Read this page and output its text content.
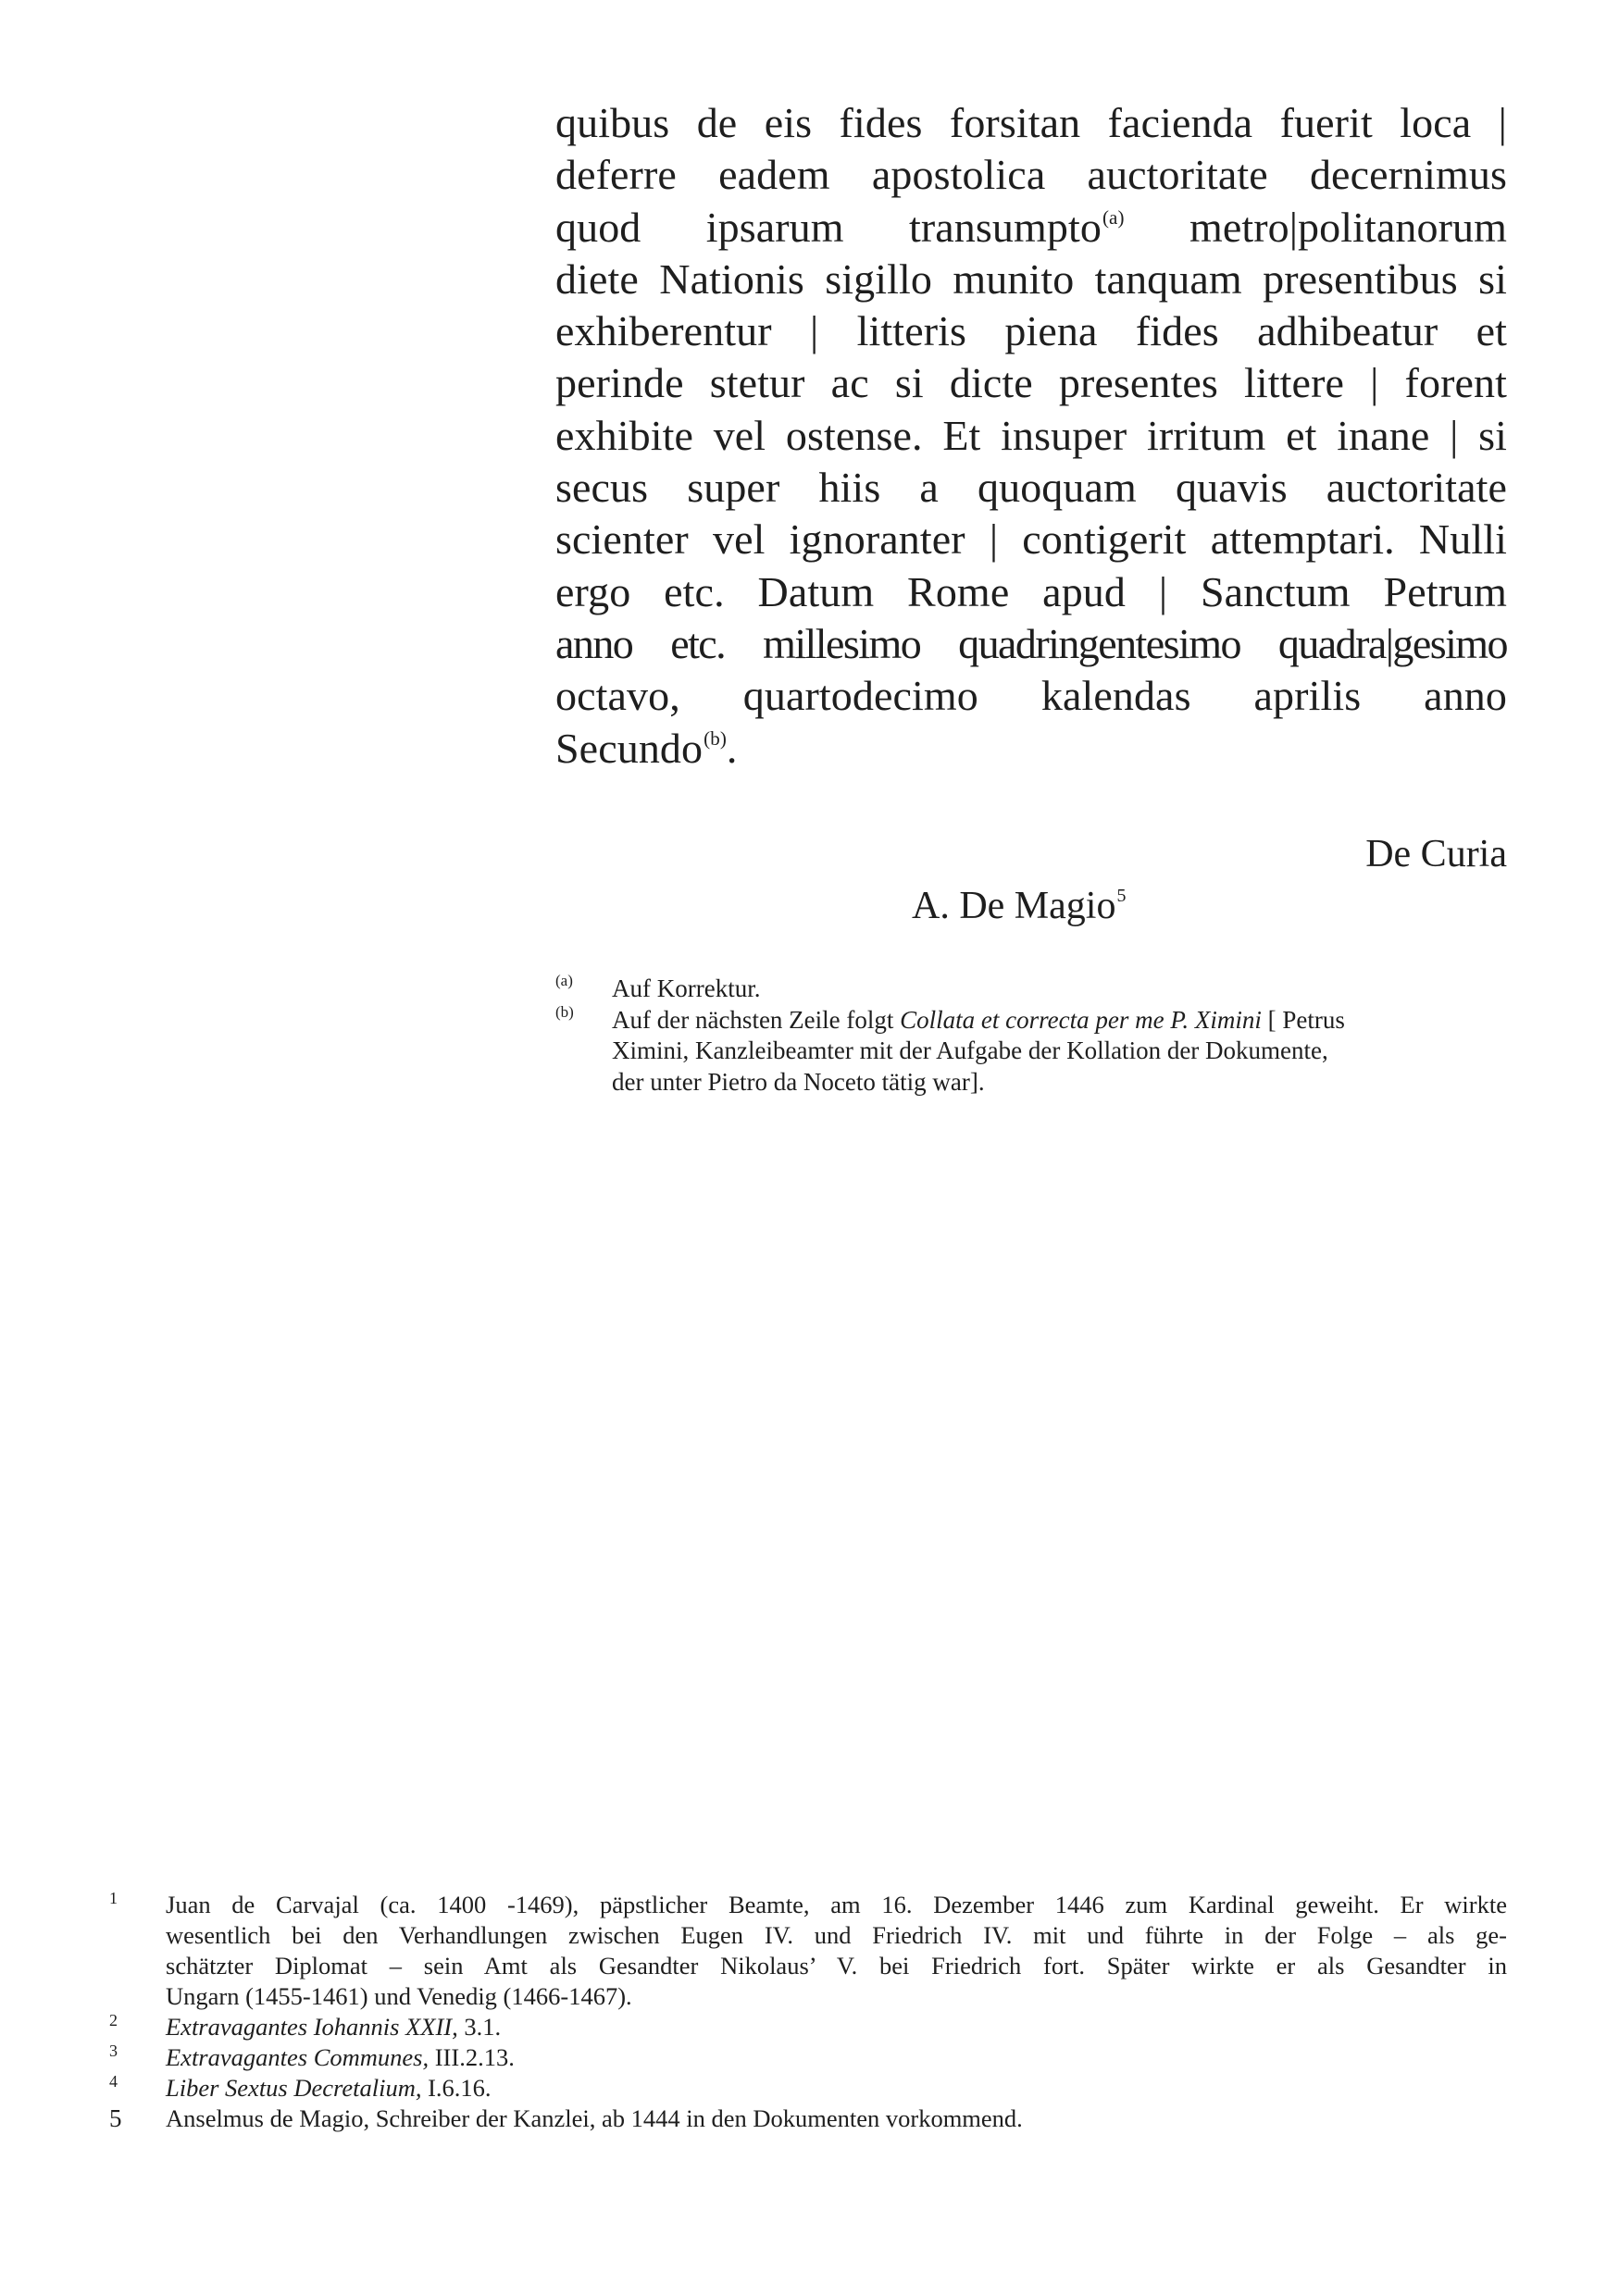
quibus de eis fides forsitan facienda fuerit loca |
deferre eadem apostolica auctoritate decernimus
quod ipsarum transumpto$^{(a)}$ metro|politanorum
diete Nationis sigillo munito tanquam presentibus si
exhiberentur | litteris piena fides adhibeatur et
perinde stetur ac si dicte presentes littere | forent
exhibite vel ostense. Et insuper irritum et inane | si
secus super hiis a quoquam quavis auctoritate
scienter vel ignoranter | contigerit attemptari. Nulli
ergo etc. Datum Rome apud | Sanctum Petrum
anno etc. millesimo quadringentesimo quadra|gesimo
octavo, quartodecimo kalendas aprilis anno
Secundo$^{(b)}$.
De Curia
A. De Magio$^5$
(a) Auf Korrektur.
(b) Auf der nächsten Zeile folgt Collata et correcta per me P. Ximini [ Petrus
Ximini, Kanzleibeamter mit der Aufgabe der Kollation der Dokumente,
der unter Pietro da Noceto tätig war].
1 Juan de Carvajal (ca. 1400 -1469), päpstlicher Beamte, am 16. Dezember 1446 zum Kardinal geweiht. Er wirkte
wesentlich bei den Verhandlungen zwischen Eugen IV. und Friedrich IV. mit und führte in der Folge – als ge-
schätzter Diplomat – sein Amt als Gesandter Nikolaus’ V. bei Friedrich fort. Später wirkte er als Gesandter in
Ungarn (1455-1461) und Venedig (1466-1467).
2 Extravagantes Iohannis XXII, 3.1.
3 Extravagantes Communes, III.2.13.
4 Liber Sextus Decretalium, I.6.16.
5 Anselmus de Magio, Schreiber der Kanzlei, ab 1444 in den Dokumenten vorkommend.
